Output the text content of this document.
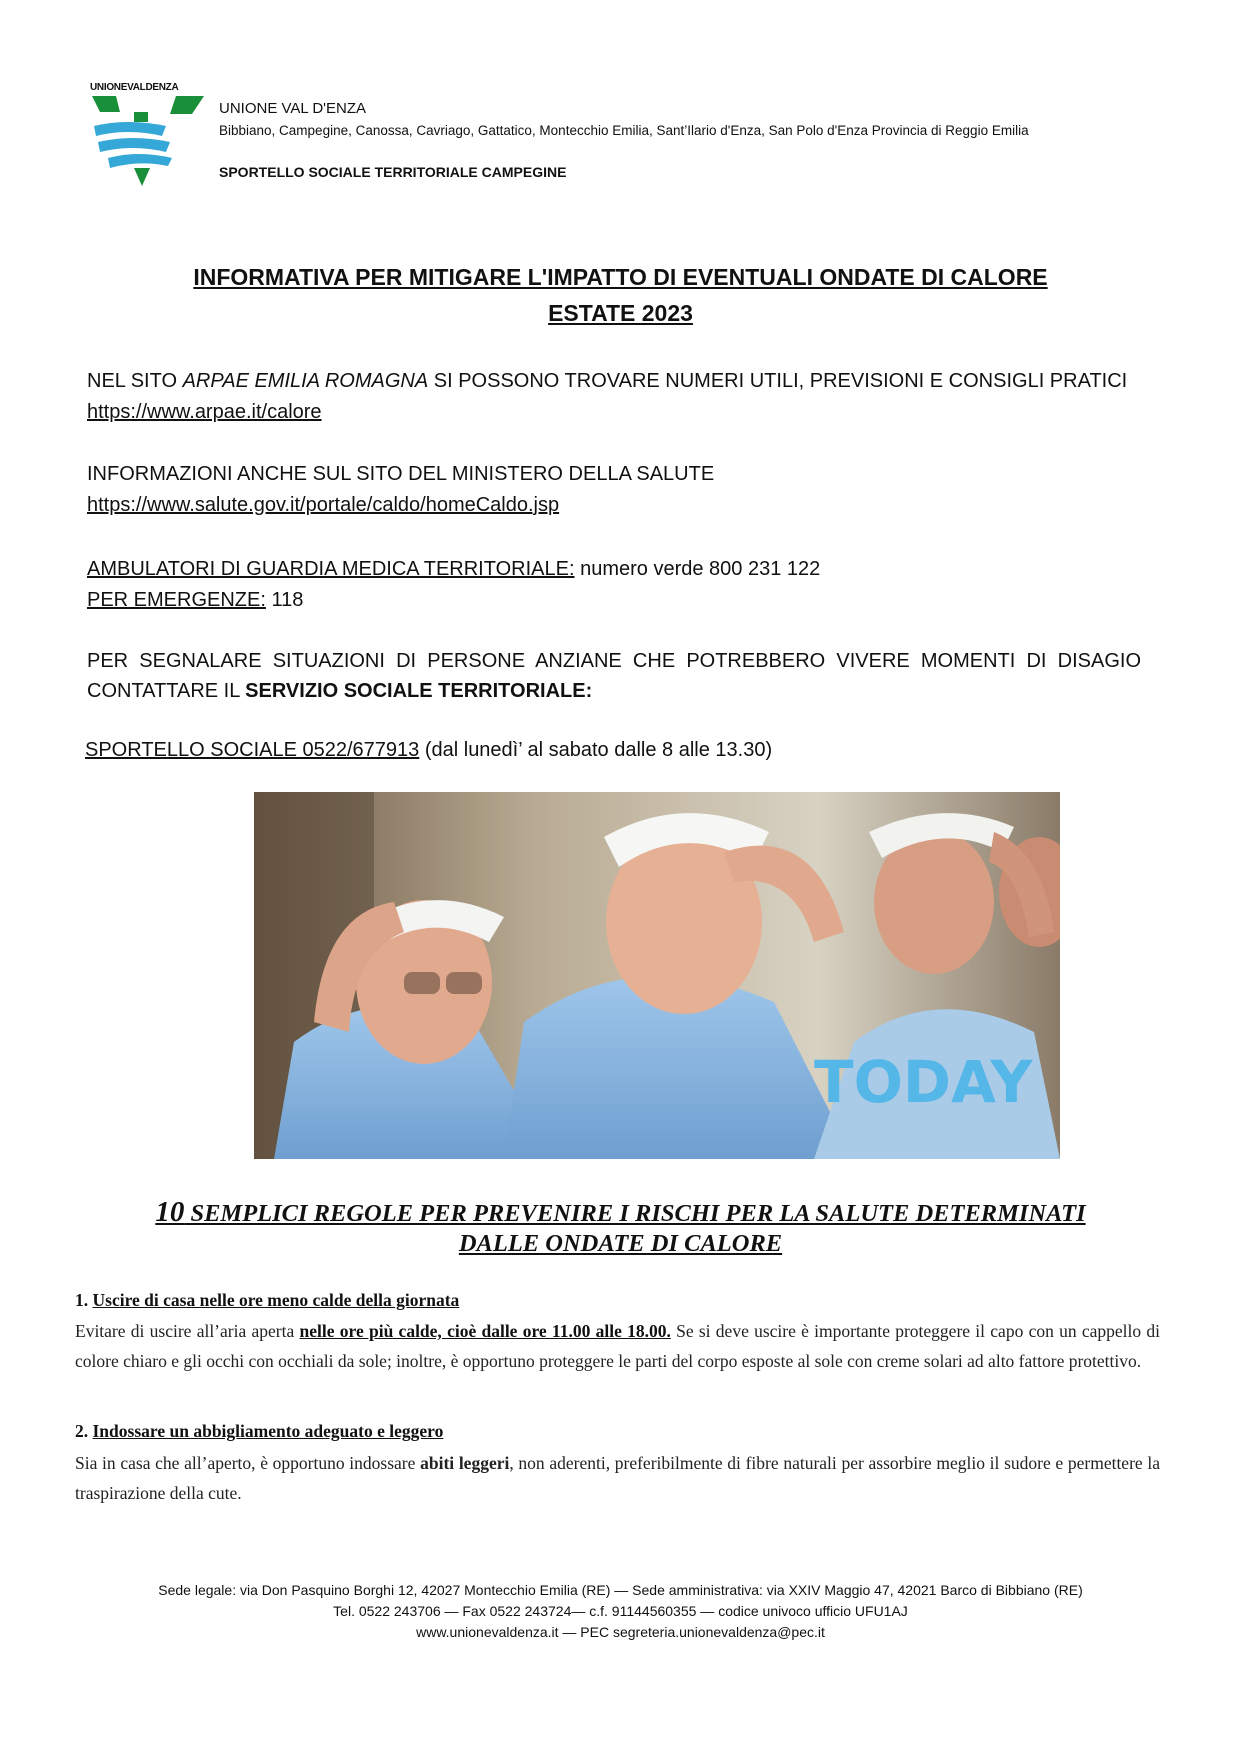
UNIONEVALDENZA
UNIONE VAL D'ENZA
Bibbiano, Campegine, Canossa, Cavriago, Gattatico, Montecchio Emilia, Sant’Ilario d'Enza, San Polo d'Enza Provincia di Reggio Emilia
SPORTELLO SOCIALE TERRITORIALE CAMPEGINE
INFORMATIVA PER MITIGARE L'IMPATTO DI EVENTUALI ONDATE DI CALORE
ESTATE 2023
NEL SITO ARPAE EMILIA ROMAGNA SI POSSONO TROVARE NUMERI UTILI, PREVISIONI E CONSIGLI PRATICI
https://www.arpae.it/calore
INFORMAZIONI ANCHE SUL SITO DEL MINISTERO DELLA SALUTE
https://www.salute.gov.it/portale/caldo/homeCaldo.jsp
AMBULATORI DI GUARDIA MEDICA TERRITORIALE: numero verde 800 231 122
PER EMERGENZE: 118
PER SEGNALARE SITUAZIONI DI PERSONE ANZIANE CHE POTREBBERO VIVERE MOMENTI DI DISAGIO
CONTATTARE IL SERVIZIO SOCIALE TERRITORIALE:
SPORTELLO SOCIALE 0522/677913 (dal lunedì’ al sabato dalle 8 alle 13.30)
TODAY
10 SEMPLICI REGOLE PER PREVENIRE I RISCHI PER LA SALUTE DETERMINATI
DALLE ONDATE DI CALORE
1. Uscire di casa nelle ore meno calde della giornata
Evitare di uscire all’aria aperta nelle ore più calde, cioè dalle ore 11.00 alle 18.00. Se si deve uscire è importante proteggere il capo con un cappello di colore chiaro e gli occhi con occhiali da sole; inoltre, è opportuno proteggere le parti del corpo esposte al sole con creme solari ad alto fattore protettivo.
2. Indossare un abbigliamento adeguato e leggero
Sia in casa che all’aperto, è opportuno indossare abiti leggeri, non aderenti, preferibilmente di fibre naturali per assorbire meglio il sudore e permettere la traspirazione della cute.
Sede legale: via Don Pasquino Borghi 12, 42027 Montecchio Emilia (RE) — Sede amministrativa: via XXIV Maggio 47, 42021 Barco di Bibbiano (RE)
Tel. 0522 243706 — Fax 0522 243724— c.f. 91144560355 — codice univoco ufficio UFU1AJ
www.unionevaldenza.it — PEC segreteria.unionevaldenza@pec.it
